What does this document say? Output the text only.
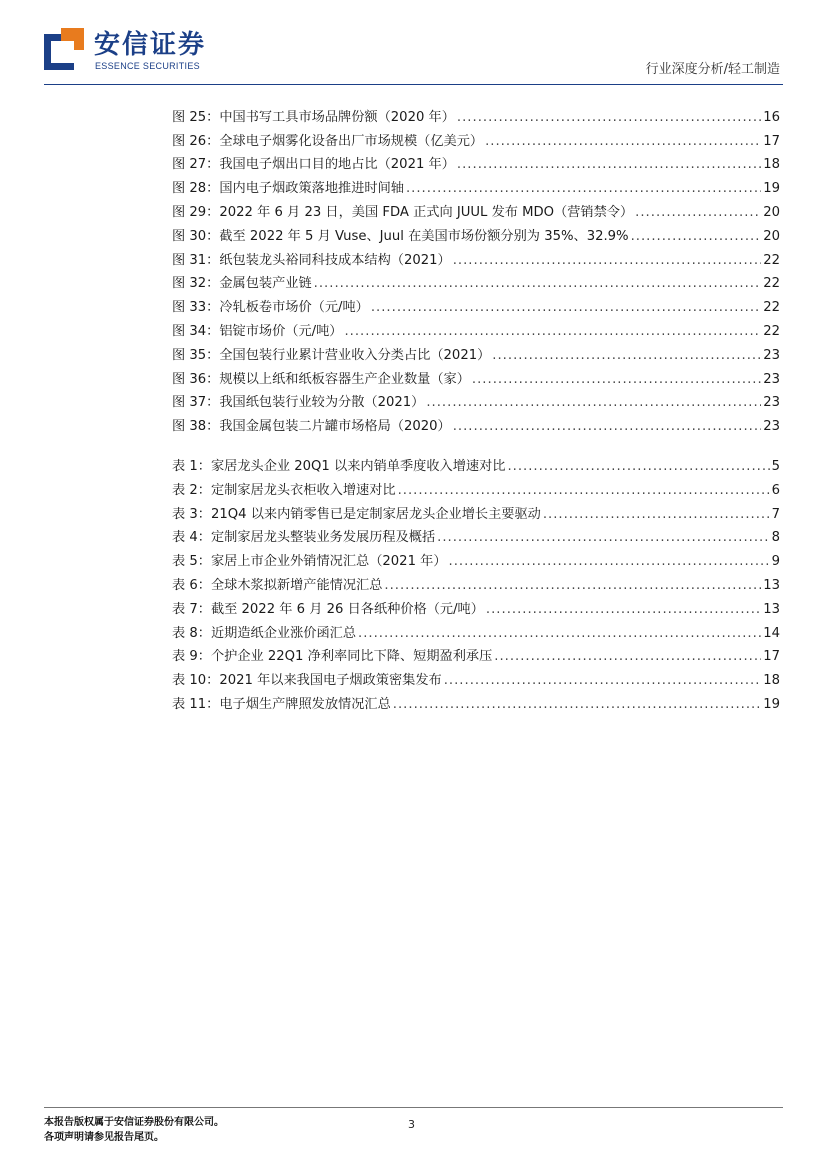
安信证券
ESSENCE SECURITIES	行业深度分析/轻工制造
图 25：中国书写工具市场品牌份额（2020 年） .....	16
图 26：全球电子烟雾化设备出厂市场规模（亿美元） .....	17
图 27：我国电子烟出口目的地占比（2021 年） .....	18
图 28：国内电子烟政策落地推进时间轴 .....	19
图 29：2022 年 6 月 23 日，美国 FDA 正式向 JUUL 发布 MDO（营销禁令） .....	20
图 30：截至 2022 年 5 月 Vuse、Juul 在美国市场份额分别为 35%、32.9% .....	20
图 31：纸包装龙头裕同科技成本结构（2021） .....	22
图 32：金属包装产业链 .....	22
图 33：冷轧板卷市场价（元/吨） .....	22
图 34：铝锭市场价（元/吨） .....	22
图 35：全国包装行业累计营业收入分类占比（2021） .....	23
图 36：规模以上纸和纸板容器生产企业数量（家） .....	23
图 37：我国纸包装行业较为分散（2021） .....	23
图 38：我国金属包装二片罐市场格局（2020） .....	23
表 1：家居龙头企业 20Q1 以来内销单季度收入增速对比 .....	5
表 2：定制家居龙头衣柜收入增速对比 .....	6
表 3：21Q4 以来内销零售已是定制家居龙头企业增长主要驱动 .....	7
表 4：定制家居龙头整装业务发展历程及概括 .....	8
表 5：家居上市企业外销情况汇总（2021 年） .....	9
表 6：全球木浆拟新增产能情况汇总 .....	13
表 7：截至 2022 年 6 月 26 日各纸种价格（元/吨） .....	13
表 8：近期造纸企业涨价函汇总 .....	14
表 9：个护企业 22Q1 净利率同比下降、短期盈利承压 .....	17
表 10：2021 年以来我国电子烟政策密集发布 .....	18
表 11：电子烟生产牌照发放情况汇总 .....	19
本报告版权属于安信证券股份有限公司。
各项声明请参见报告尾页。
3
